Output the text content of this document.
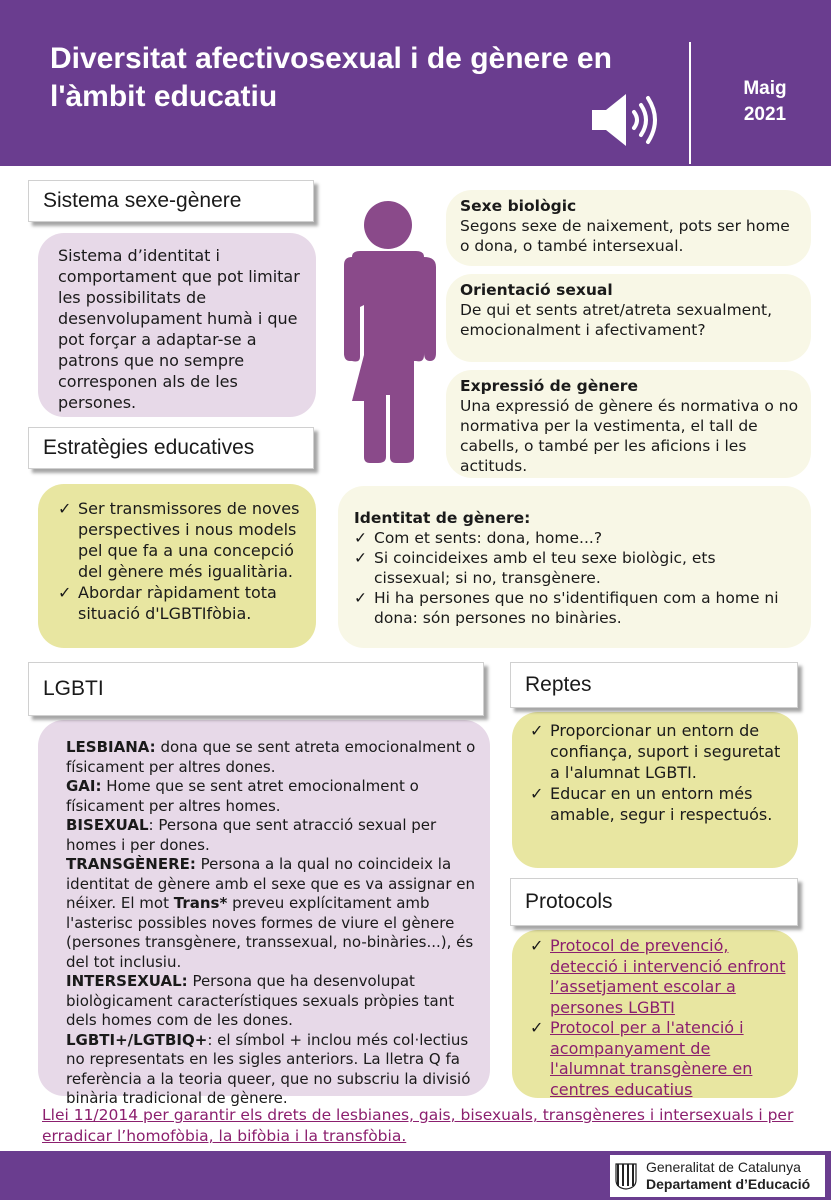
Diversitat afectivosexual i de gènere en l'àmbit educatiu	Maig
2021
Sistema d’identitat i comportament que pot limitar les possibilitats de desenvolupament humà i que pot forçar a adaptar-se a patrons que no sempre corresponen als de les persones.
Sistema sexe-gènere
✓ Ser transmissores de noves perspectives i nous models pel que fa a una concepció del gènere més igualitària.
✓ Abordar ràpidament tota situació d'LGBTIfòbia.
Estratègies educatives
Sexe biològic
Segons sexe de naixement, pots ser home o dona, o també intersexual.
Orientació sexual
De qui et sents atret/atreta sexualment, emocionalment i afectivament?
Expressió de gènere
Una expressió de gènere és normativa o no normativa per la vestimenta, el tall de cabells, o també per les aficions i les actituds.
Identitat de gènere:
✓ Com et sents: dona, home...?
✓ Si coincideixes amb el teu sexe biològic, ets cissexual; si no, transgènere.
✓ Hi ha persones que no s'identifiquen com a home ni dona: són persones no binàries.
LESBIANA: dona que se sent atreta emocionalment o físicament per altres dones.
GAI: Home que se sent atret emocionalment o físicament per altres homes.
BISEXUAL: Persona que sent atracció sexual per homes i per dones.
TRANSGÈNERE: Persona a la qual no coincideix la identitat de gènere amb el sexe que es va assignar en néixer. El mot Trans* preveu explícitament amb l'asterisc possibles noves formes de viure el gènere (persones transgènere, transsexual, no-binàries...), és del tot inclusiu.
INTERSEXUAL: Persona que ha desenvolupat biològicament característiques sexuals pròpies tant dels homes com de les dones.
LGBTI+/LGTBIQ+: el símbol + inclou més col·lectius no representats en les sigles anteriors. La lletra Q fa referència a la teoria queer, que no subscriu la divisió binària tradicional de gènere.
LGBTI
✓ Proporcionar un entorn de confiança, suport i seguretat a l'alumnat LGBTI.
✓ Educar en un entorn més amable, segur i respectuós.
Reptes
✓ Protocol de prevenció, detecció i intervenció enfront l’assetjament escolar a persones LGBTI
✓ Protocol per a l'atenció i acompanyament de l'alumnat transgènere en centres educatius
Protocols
Llei 11/2014 per garantir els drets de lesbianes, gais, bisexuals, transgèneres i intersexuals i per erradicar l’homofòbia, la bifòbia i la transfòbia.
Generalitat de Catalunya
Departament d’Educació
